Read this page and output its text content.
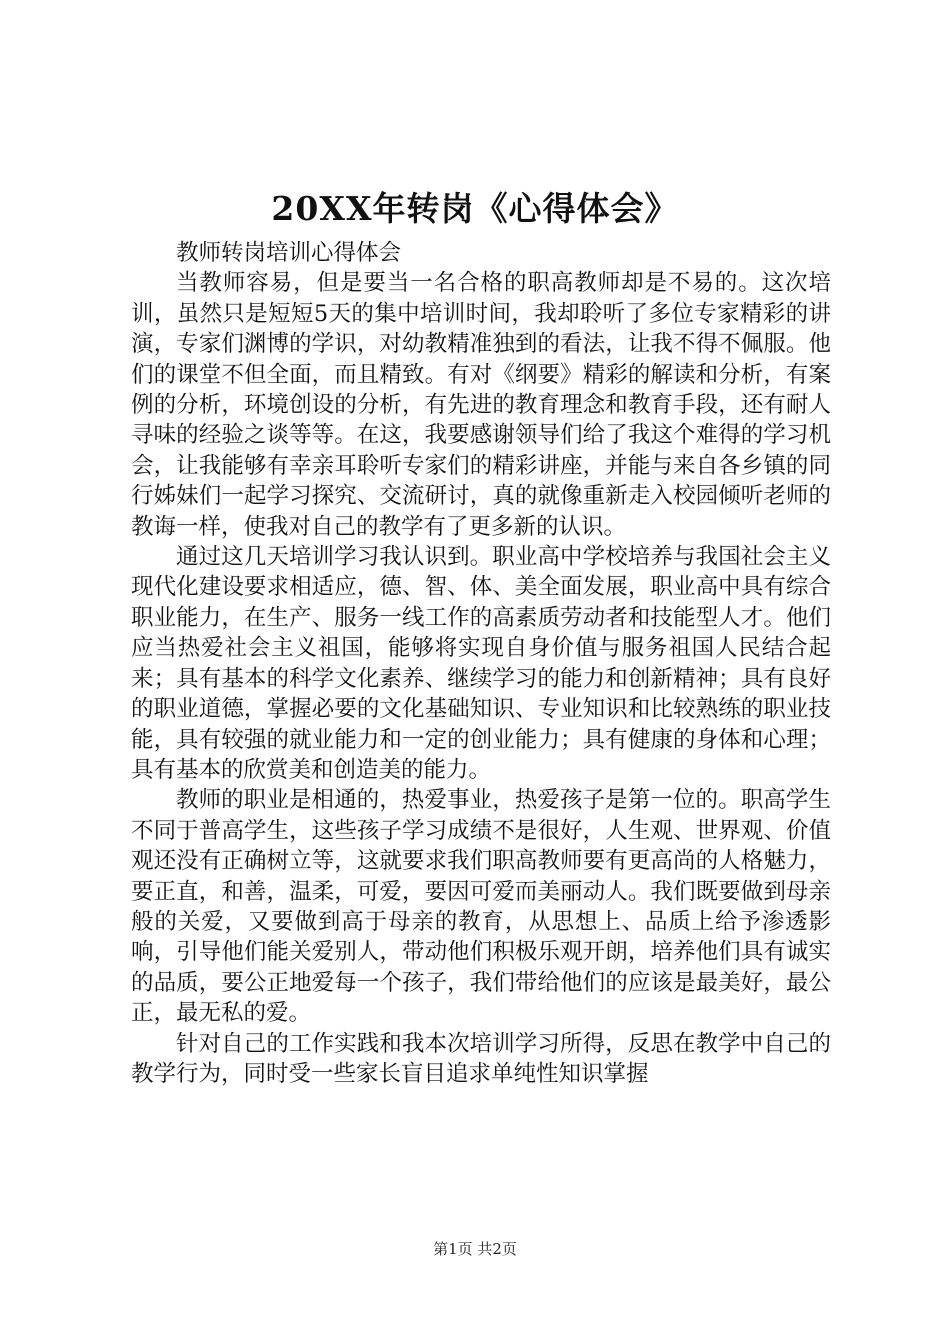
20XX年转岗《心得体会》

教师转岗培训心得体会

当教师容易，但是要当一名合格的职高教师却是不易的。这次培训，虽然只是短短5天的集中培训时间，我却聆听了多位专家精彩的讲演，专家们渊博的学识，对幼教精准独到的看法，让我不得不佩服。他们的课堂不但全面，而且精致。有对《纲要》精彩的解读和分析，有案例的分析，环境创设的分析，有先进的教育理念和教育手段，还有耐人寻味的经验之谈等等。在这，我要感谢领导们给了我这个难得的学习机会，让我能够有幸亲耳聆听专家们的精彩讲座，并能与来自各乡镇的同行姊妹们一起学习探究、交流研讨，真的就像重新走入校园倾听老师的教诲一样，使我对自己的教学有了更多新的认识。

通过这几天培训学习我认识到。职业高中学校培养与我国社会主义现代化建设要求相适应，德、智、体、美全面发展，职业高中具有综合职业能力，在生产、服务一线工作的高素质劳动者和技能型人才。他们应当热爱社会主义祖国，能够将实现自身价值与服务祖国人民结合起来；具有基本的科学文化素养、继续学习的能力和创新精神；具有良好的职业道德，掌握必要的文化基础知识、专业知识和比较熟练的职业技能，具有较强的就业能力和一定的创业能力；具有健康的身体和心理；具有基本的欣赏美和创造美的能力。

教师的职业是相通的，热爱事业，热爱孩子是第一位的。职高学生不同于普高学生，这些孩子学习成绩不是很好，人生观、世界观、价值观还没有正确树立等，这就要求我们职高教师要有更高尚的人格魅力，要正直，和善，温柔，可爱，要因可爱而美丽动人。我们既要做到母亲般的关爱，又要做到高于母亲的教育，从思想上、品质上给予渗透影响，引导他们能关爱别人，带动他们积极乐观开朗，培养他们具有诚实的品质，要公正地爱每一个孩子，我们带给他们的应该是最美好，最公正，最无私的爱。

针对自己的工作实践和我本次培训学习所得，反思在教学中自己的教学行为，同时受一些家长盲目追求单纯性知识掌握

第1页 共2页
